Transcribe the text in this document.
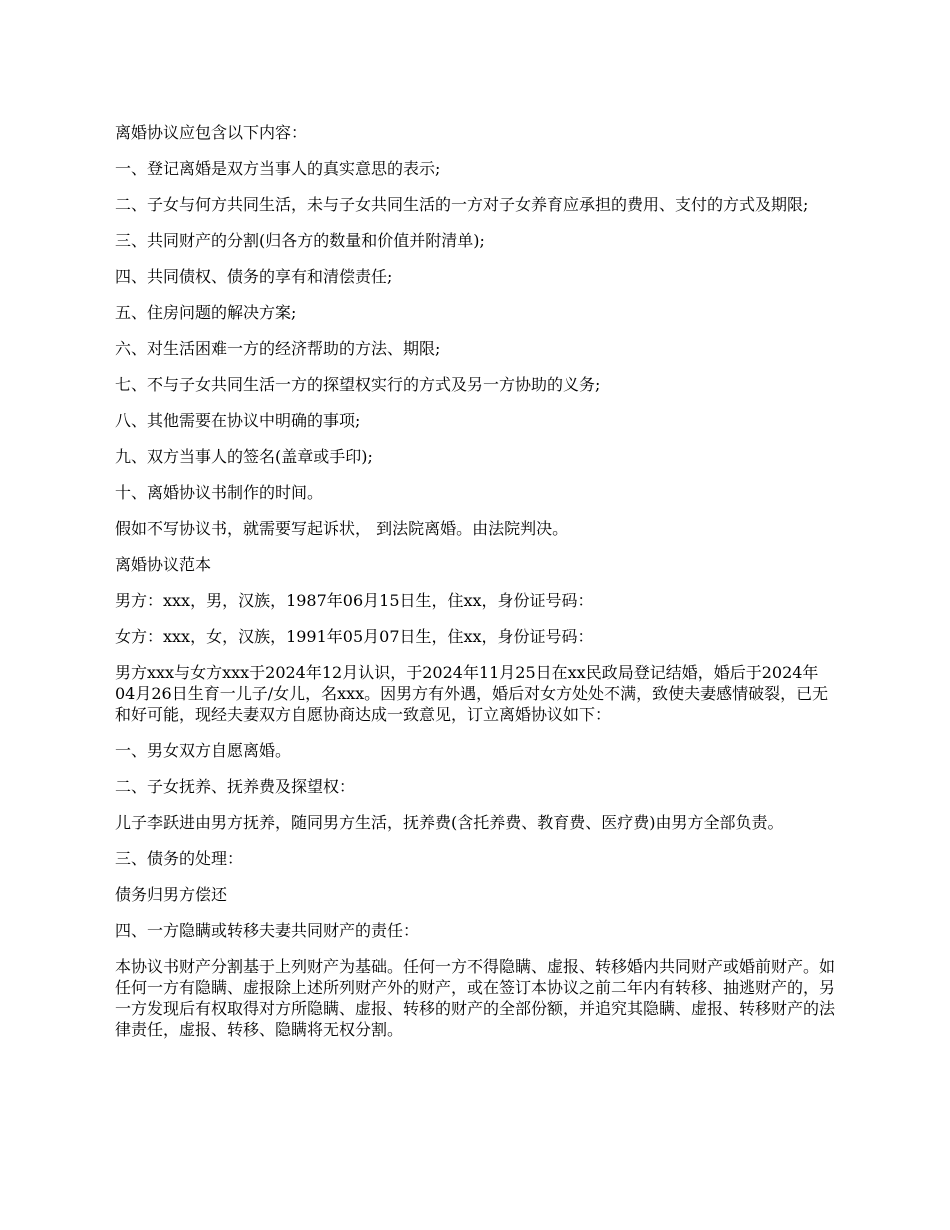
离婚协议应包含以下内容：

一、登记离婚是双方当事人的真实意思的表示;

二、子女与何方共同生活，未与子女共同生活的一方对子女养育应承担的费用、支付的方式及期限;

三、共同财产的分割(归各方的数量和价值并附清单);

四、共同债权、债务的享有和清偿责任;

五、住房问题的解决方案;

六、对生活困难一方的经济帮助的方法、期限;

七、不与子女共同生活一方的探望权实行的方式及另一方协助的义务;

八、其他需要在协议中明确的事项;

九、双方当事人的签名(盖章或手印);

十、离婚协议书制作的时间。

假如不写协议书，就需要写起诉状， 到法院离婚。由法院判决。

离婚协议范本

男方：xxx，男，汉族，1987年06月15日生，住xx，身份证号码：

女方：xxx，女，汉族，1991年05月07日生，住xx，身份证号码：

男方xxx与女方xxx于2024年12月认识，于2024年11月25日在xx民政局登记结婚，婚后于2024年04月26日生育一儿子/女儿，名xxx。因男方有外遇，婚后对女方处处不满，致使夫妻感情破裂，已无和好可能，现经夫妻双方自愿协商达成一致意见，订立离婚协议如下：

一、男女双方自愿离婚。

二、子女抚养、抚养费及探望权：

儿子李跃进由男方抚养，随同男方生活，抚养费(含托养费、教育费、医疗费)由男方全部负责。

三、债务的处理：

债务归男方偿还

四、一方隐瞒或转移夫妻共同财产的责任：

本协议书财产分割基于上列财产为基础。任何一方不得隐瞒、虚报、转移婚内共同财产或婚前财产。如任何一方有隐瞒、虚报除上述所列财产外的财产，或在签订本协议之前二年内有转移、抽逃财产的，另一方发现后有权取得对方所隐瞒、虚报、转移的财产的全部份额，并追究其隐瞒、虚报、转移财产的法律责任，虚报、转移、隐瞒将无权分割。
